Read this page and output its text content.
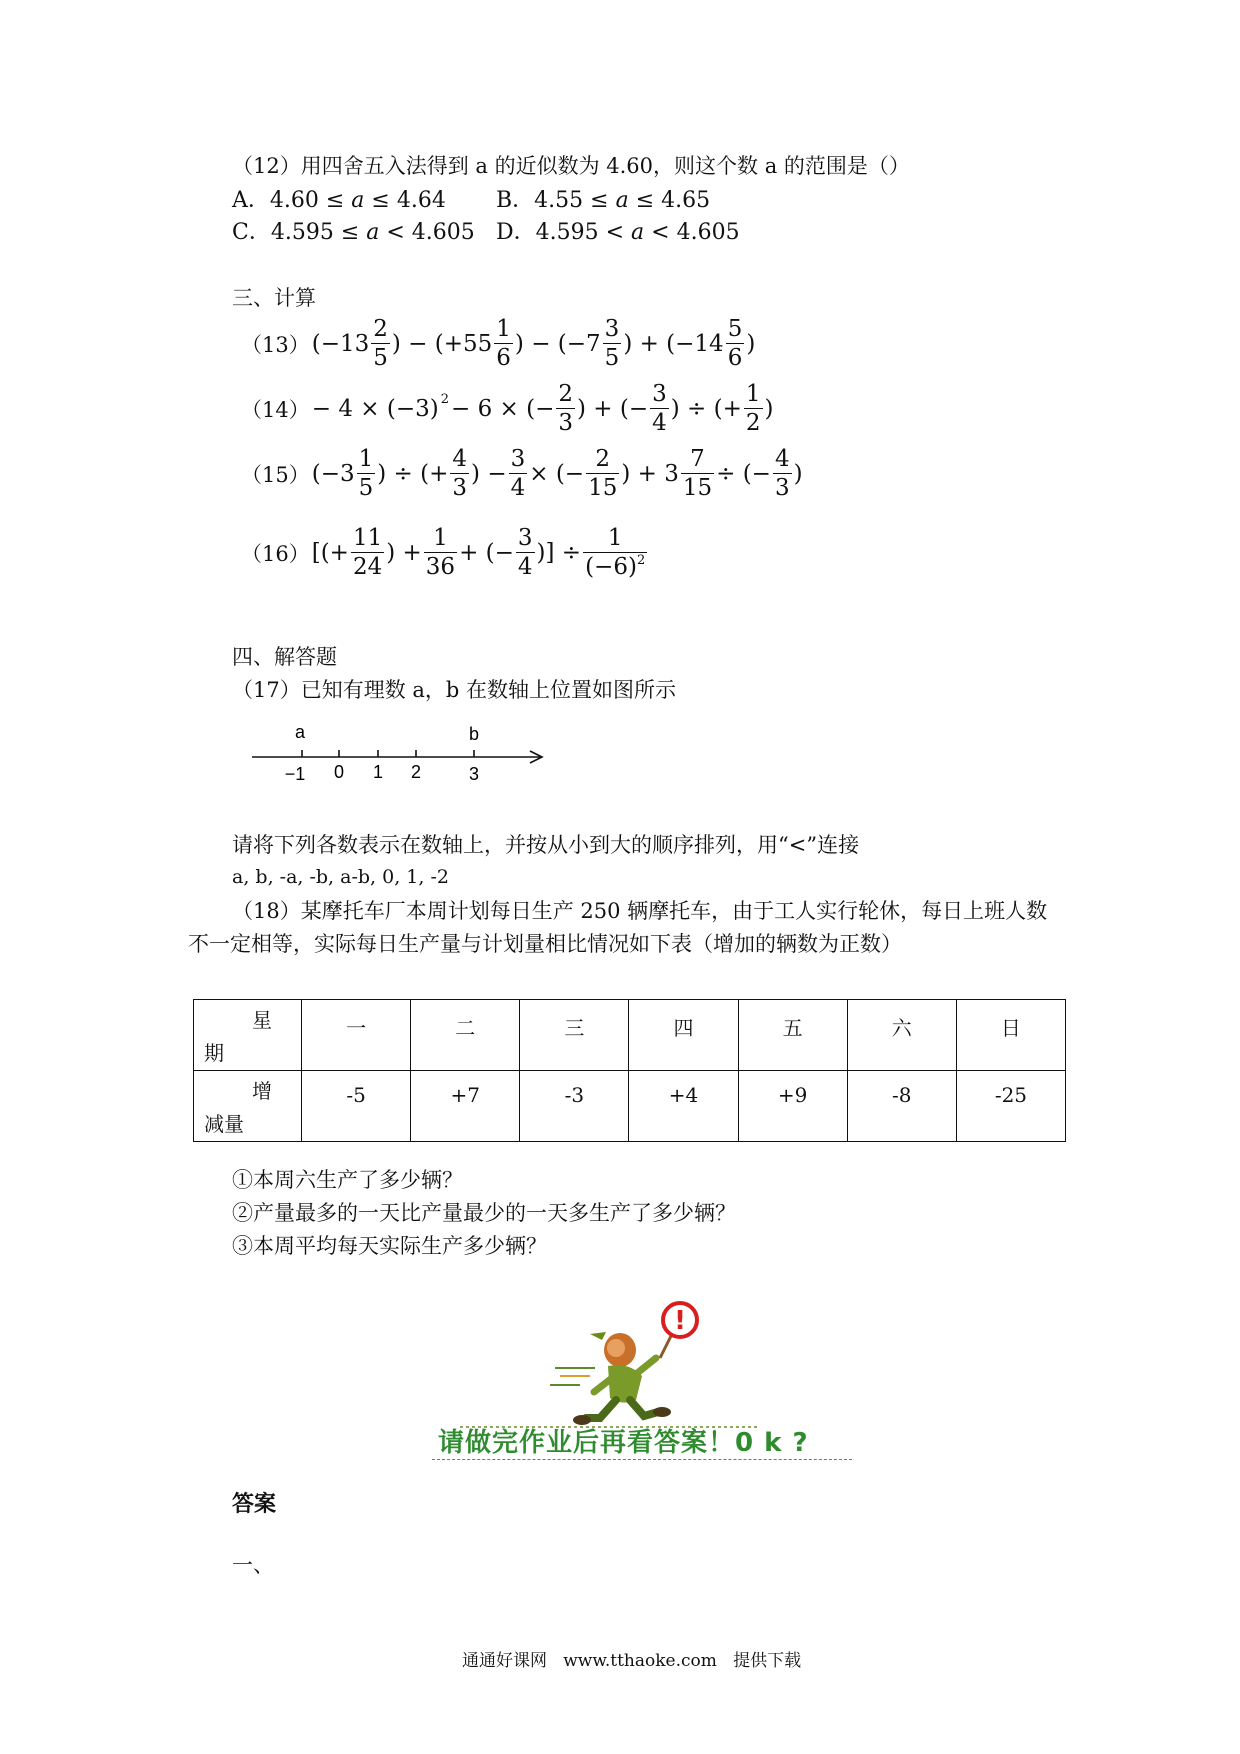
（12）用四舍五入法得到 a 的近似数为 4.60，则这个数 a 的范围是（）
A．4.60 ≤ a ≤ 4.64 B．4.55 ≤ a ≤ 4.65
C．4.595 ≤ a < 4.605 D．4.595 < a < 4.605
三、计算
（13） ($-13 \frac{2}{5}$ ) − ($+55 \frac{1}{6}$ ) − ($-7 \frac{3}{5}$ ) + ($-14 \frac{5}{6}$ )
（14） − 4 × (−3) 2 − 6 × (− $\frac{2}{3}$ ) + (− $\frac{3}{4}$ ) ÷ (+ $\frac{1}{2}$ )
（15） ($-3 \frac{1}{5}$ ) ÷ (+ $\frac{4}{3}$ ) − $\frac{3}{4}$ × (− $\frac{2}{15}$ ) + $3 \frac{7}{15}$ ÷ (− $\frac{4}{3}$ )
（16） [(+ $\frac{11}{24}$ ) + $\frac{1}{36}$ + (− $\frac{3}{4}$ )] ÷ $\frac{1}{(-6)^2}$
四、解答题
（17）已知有理数 a，b 在数轴上位置如图所示
a	b
−1 0 1 2	3
请将下列各数表示在数轴上，并按从小到大的顺序排列，用“<”连接
a, b, -a, -b, a-b, 0, 1, -2
（18）某摩托车厂本周计划每日生产 250 辆摩托车，由于工人实行轮休，每日上班人数
不一定相等，实际每日生产量与计划量相比情况如下表（增加的辆数为正数）
星
期	一	二	三	四	五	六	日

增
减量	-5	+7	-3	+4	+9	-8	-25
①本周六生产了多少辆？
②产量最多的一天比产量最少的一天多生产了多少辆？
③本周平均每天实际生产多少辆？
!
请做完作业后再看答案！0 k ?
答案
一、
通通好课网   www.tthaoke.com   提供下载
